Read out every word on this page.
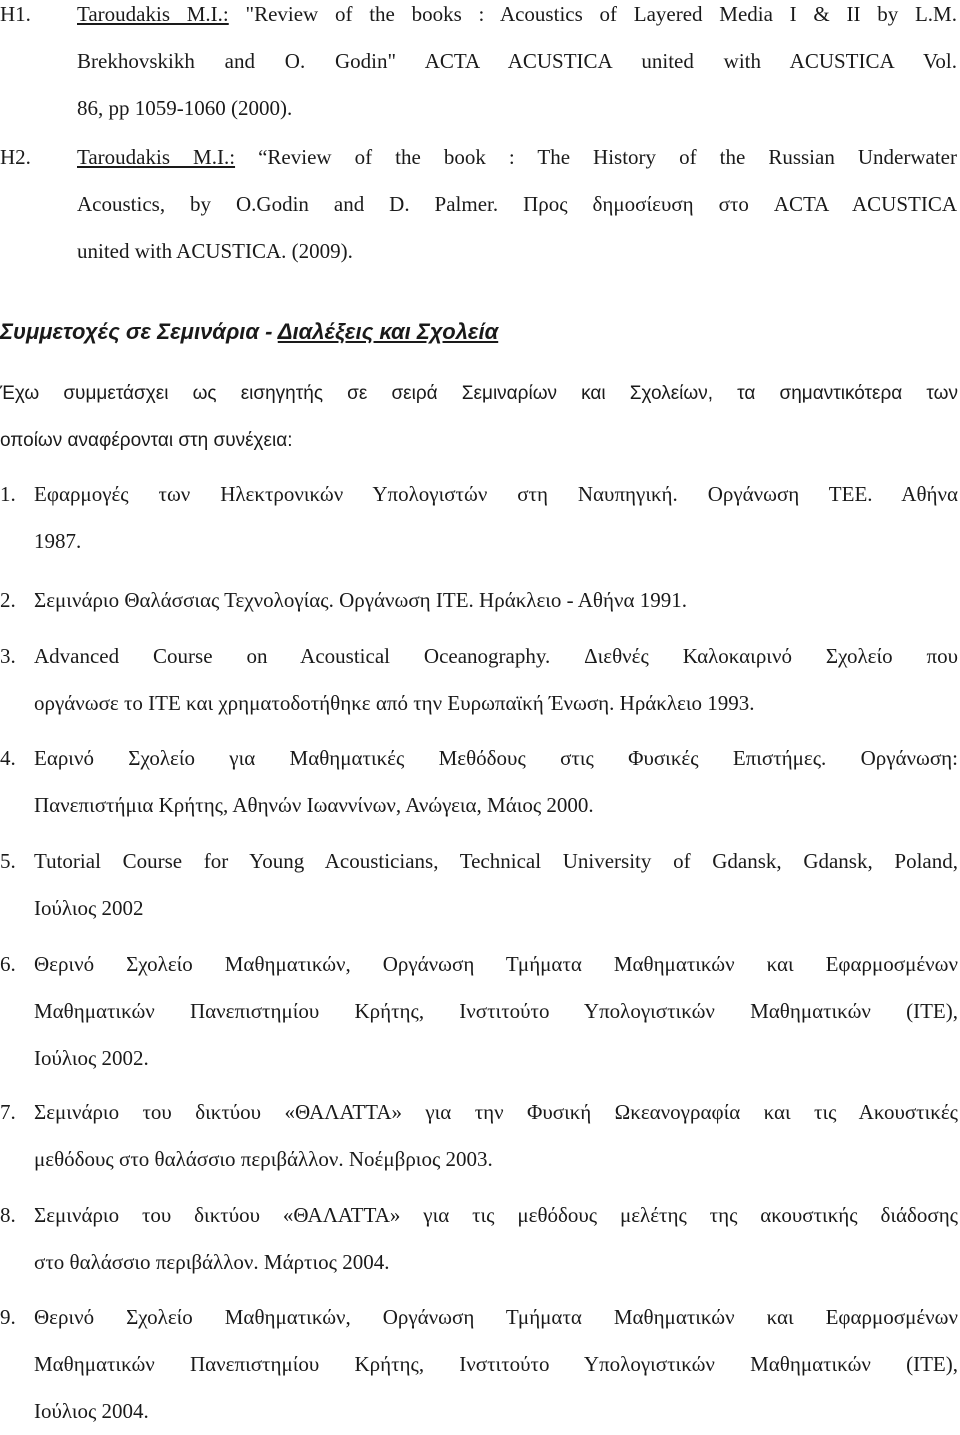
H1. Taroudakis M.I.: "Review of the books : Acoustics of Layered Media I & II by L.M.
Brekhovskikh and O. Godin" ACTA ACUSTICA united with ACUSTICA Vol.
86, pp 1059-1060 (2000).
H2. Taroudakis M.I.: “Review of the book : The History of the Russian Underwater
Acoustics, by O.Godin and D. Palmer. Προς δημοσίευση στο ACTA ACUSTICA
united with ACUSTICA. (2009).
Συμμετοχές σε Σεμινάρια - Διαλέξεις και Σχολεία
Έχω συμμετάσχει ως εισηγητής σε σειρά Σεμιναρίων και Σχολείων, τα σημαντικότερα των
οποίων αναφέρονται στη συνέχεια:
1. Εφαρμογές των Ηλεκτρονικών Υπολογιστών στη Ναυπηγική. Οργάνωση ΤΕΕ. Αθήνα
1987.
2. Σεμινάριο Θαλάσσιας Τεχνολογίας. Οργάνωση ΙΤΕ. Ηράκλειο - Αθήνα 1991.
3. Advanced Course on Acoustical Oceanography. Διεθνές Καλοκαιρινό Σχολείο που
οργάνωσε το ΙΤΕ και χρηματοδοτήθηκε από την Ευρωπαϊκή Ένωση. Ηράκλειο 1993.
4. Εαρινό Σχολείο για Μαθηματικές Μεθόδους στις Φυσικές Επιστήμες. Οργάνωση:
Πανεπιστήμια Κρήτης, Αθηνών Ιωαννίνων, Ανώγεια, Μάιος 2000.
5. Tutorial Course for Young Acousticians, Technical University of Gdansk, Gdansk, Poland,
Ιούλιος 2002
6. Θερινό Σχολείο Μαθηματικών, Οργάνωση Τμήματα Μαθηματικών και Εφαρμοσμένων
Μαθηματικών Πανεπιστημίου Κρήτης, Ινστιτούτο Υπολογιστικών Μαθηματικών (ΙΤΕ),
Ιούλιος 2002.
7. Σεμινάριο του δικτύου «ΘΑΛΑΤΤΑ» για την Φυσική Ωκεανογραφία και τις Ακουστικές
μεθόδους στο θαλάσσιο περιβάλλον. Νοέμβριος 2003.
8. Σεμινάριο του δικτύου «ΘΑΛΑΤΤΑ» για τις μεθόδους μελέτης της ακουστικής διάδοσης
στο θαλάσσιο περιβάλλον. Μάρτιος 2004.
9. Θερινό Σχολείο Μαθηματικών, Οργάνωση Τμήματα Μαθηματικών και Εφαρμοσμένων
Μαθηματικών Πανεπιστημίου Κρήτης, Ινστιτούτο Υπολογιστικών Μαθηματικών (ΙΤΕ),
Ιούλιος 2004.
